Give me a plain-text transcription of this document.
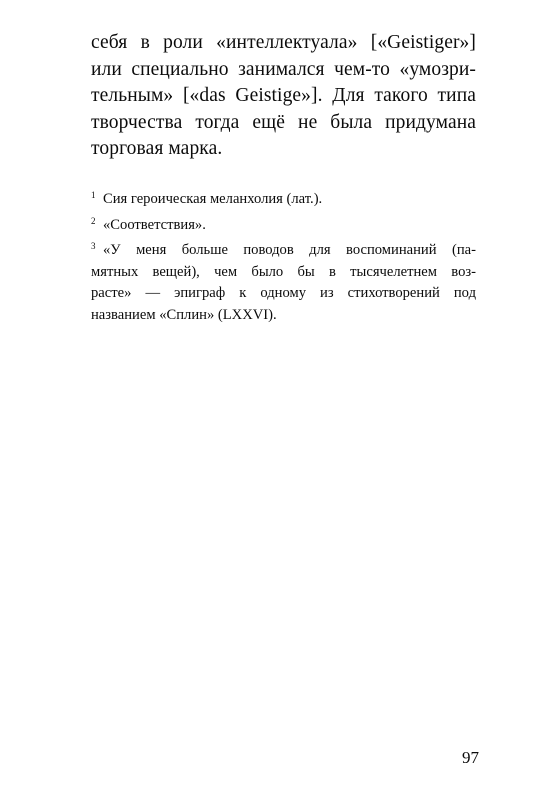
себя в роли «интеллектуала» [«Geistiger»]
или специально занимался чем-то «умозри-
тельным» [«das Geistige»]. Для такого типа
творчества тогда ещё не была придумана
торговая марка.
1 Сия героическая меланхолия (лат.).
2 «Соответствия».
3 «У меня больше поводов для воспоминаний (па-
мятных вещей), чем было бы в тысячелетнем воз-
расте» — эпиграф к одному из стихотворений под
названием «Сплин» (LXXVI).
97
